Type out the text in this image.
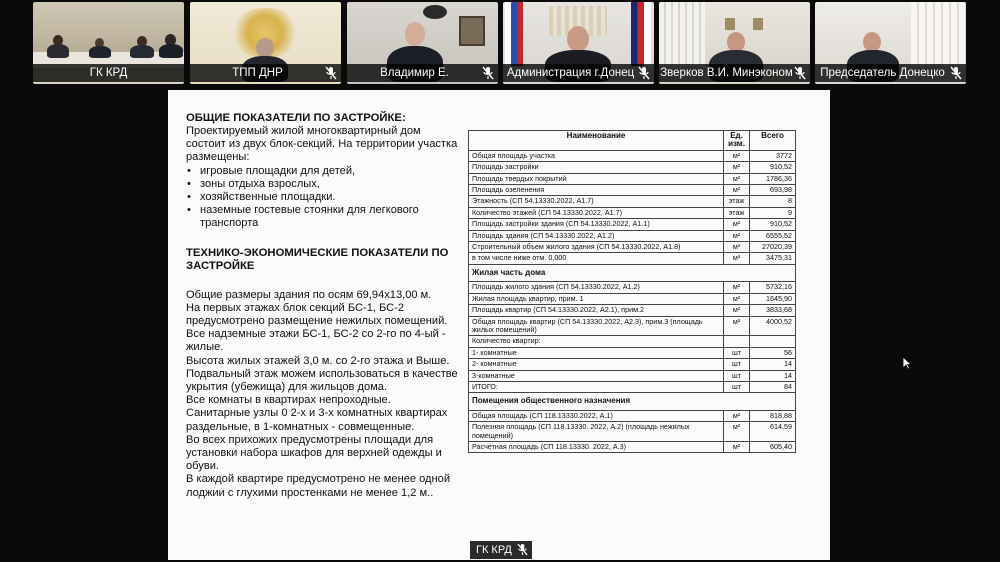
ГК КРД	ТПП ДНР	Владимир Е.	Администрация г.Донец	Зверков В.И. Минэконом	Председатель Донецко
ОБЩИЕ ПОКАЗАТЕЛИ ПО ЗАСТРОЙКЕ:

Проектируемый жилой многоквартирный дом состоит из двух блок-секций. На территории участка размещены:

• игровые площадки для детей,
• зоны отдыха взрослых,
• хозяйственные площадки.
• наземные гостевые стоянки для легкового транспорта
ТЕХНИКО-ЭКОНОМИЧЕСКИЕ ПОКАЗАТЕЛИ ПО ЗАСТРОЙКЕ

Общие размеры здания по осям 69,94x13,00 м.

На первых этажах блок секций БС-1, БС-2 предусмотрено размещение нежилых помещений.

Все надземные этажи БС-1, БС-2 со 2-го по 4-ый - жилые.

Высота жилых этажей 3,0 м. со 2-го этажа и Выше.

Подвальный этаж можем использоваться в качестве укрытия (убежища) для жильцов дома.

Все комнаты в квартирах непроходные.

Санитарные узлы 0 2-х и 3-х комнатных квартирах раздельные, в 1-комнатных - совмещенные.

Во всех прихожих предусмотрены площади для установки набора шкафов для верхней одежды и обуви.

В каждой квартире предусмотрено не менее одной лоджии с глухими простенками не менее 1,2 м..

Наименование	Ед. изм.	Всего
Общая площадь участка	м²	3772
Площадь застройки	м²	910,52
Площадь твердых покрытий	м²	1786,36
Площадь озеленения	м²	693,98
Этажность (СП 54.13330.2022, А1.7)	этаж	8
Количество этажей (СП 54.13330.2022, А1.7)	этаж	9
Площадь застройки здания (СП 54.13330.2022, А1.1)	м²	910,52
Площадь здания (СП 54.13330.2022, А1.2)	м²	6555,52
Строительный объем жилого здания (СП 54.13330.2022, А1.8)	м³	27020,39
в том числе ниже отм. 0,000	м³	3475,31
Жилая часть дома		
Площадь жилого здания (СП 54.13330.2022, А1.2)	м²	5732,16
Жилая площадь квартир, прим. 1	м²	1645,90
Площадь квартир (СП 54.13330.2022, А2.1), прим.2	м²	3833,68
Общая площадь квартир (СП 54.13330.2022, А2.3), прим.3 (площадь жилых помещений)	м²	4000,52
Количество квартир:		
1- комнатные	шт	56
2- комнатные	шт	14
3-комнатные	шт	14
ИТОГО:	шт	84
Помещения общественного назначения		
Общая площадь (СП 118.13330.2022, А.1)	м²	818,88
Полезная площадь (СП 118.13330. 2022, А.2) (площадь нежилых помещений)	м²	614,59
Расчетная площадь (СП 118.13330. 2022, А.3)	м²	605,40
ГК КРД
